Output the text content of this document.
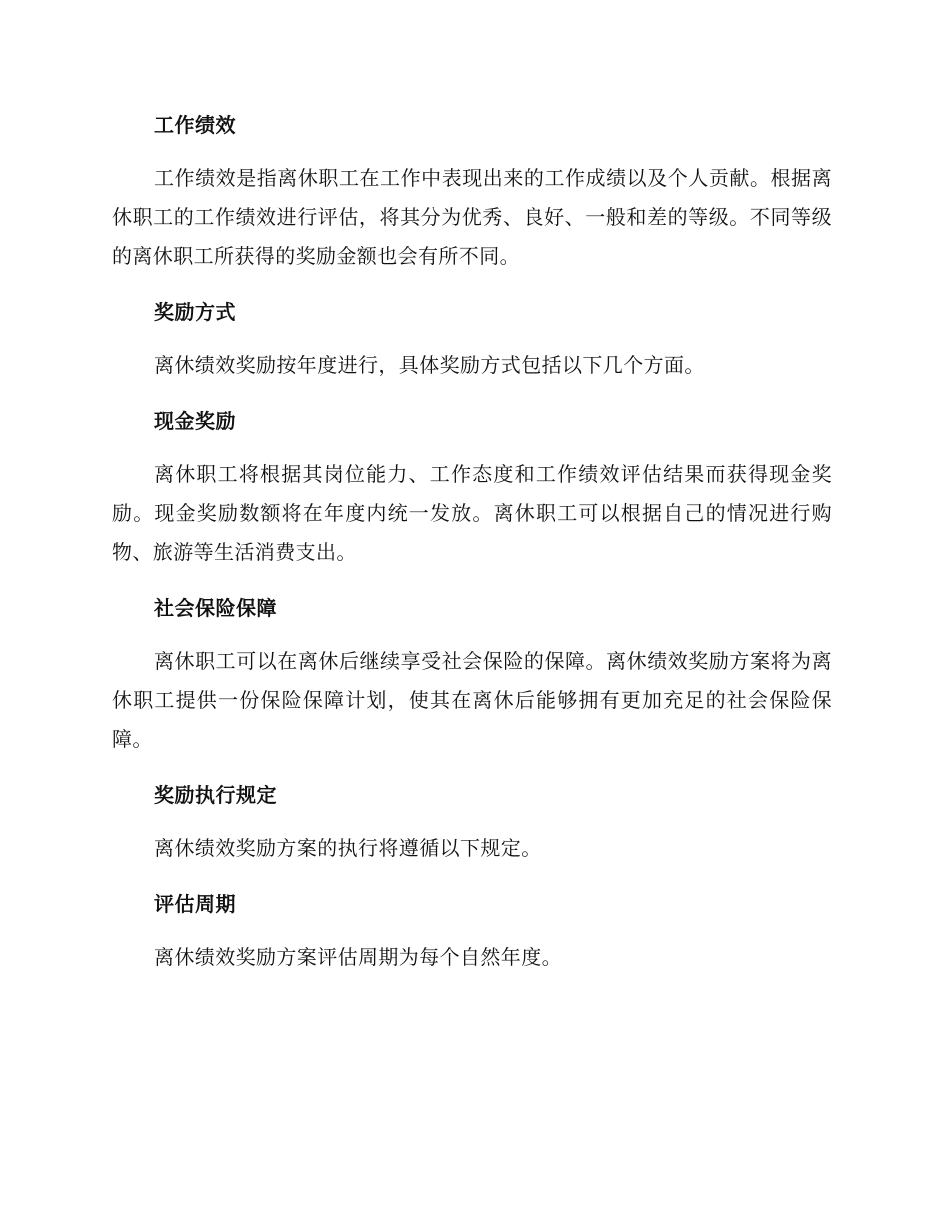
工作绩效

工作绩效是指离休职工在工作中表现出来的工作成绩以及个人贡献。根据离休职工的工作绩效进行评估，将其分为优秀、良好、一般和差的等级。不同等级的离休职工所获得的奖励金额也会有所不同。

奖励方式

离休绩效奖励按年度进行，具体奖励方式包括以下几个方面。

现金奖励

离休职工将根据其岗位能力、工作态度和工作绩效评估结果而获得现金奖励。现金奖励数额将在年度内统一发放。离休职工可以根据自己的情况进行购物、旅游等生活消费支出。

社会保险保障

离休职工可以在离休后继续享受社会保险的保障。离休绩效奖励方案将为离休职工提供一份保险保障计划，使其在离休后能够拥有更加充足的社会保险保障。

奖励执行规定

离休绩效奖励方案的执行将遵循以下规定。

评估周期

离休绩效奖励方案评估周期为每个自然年度。
